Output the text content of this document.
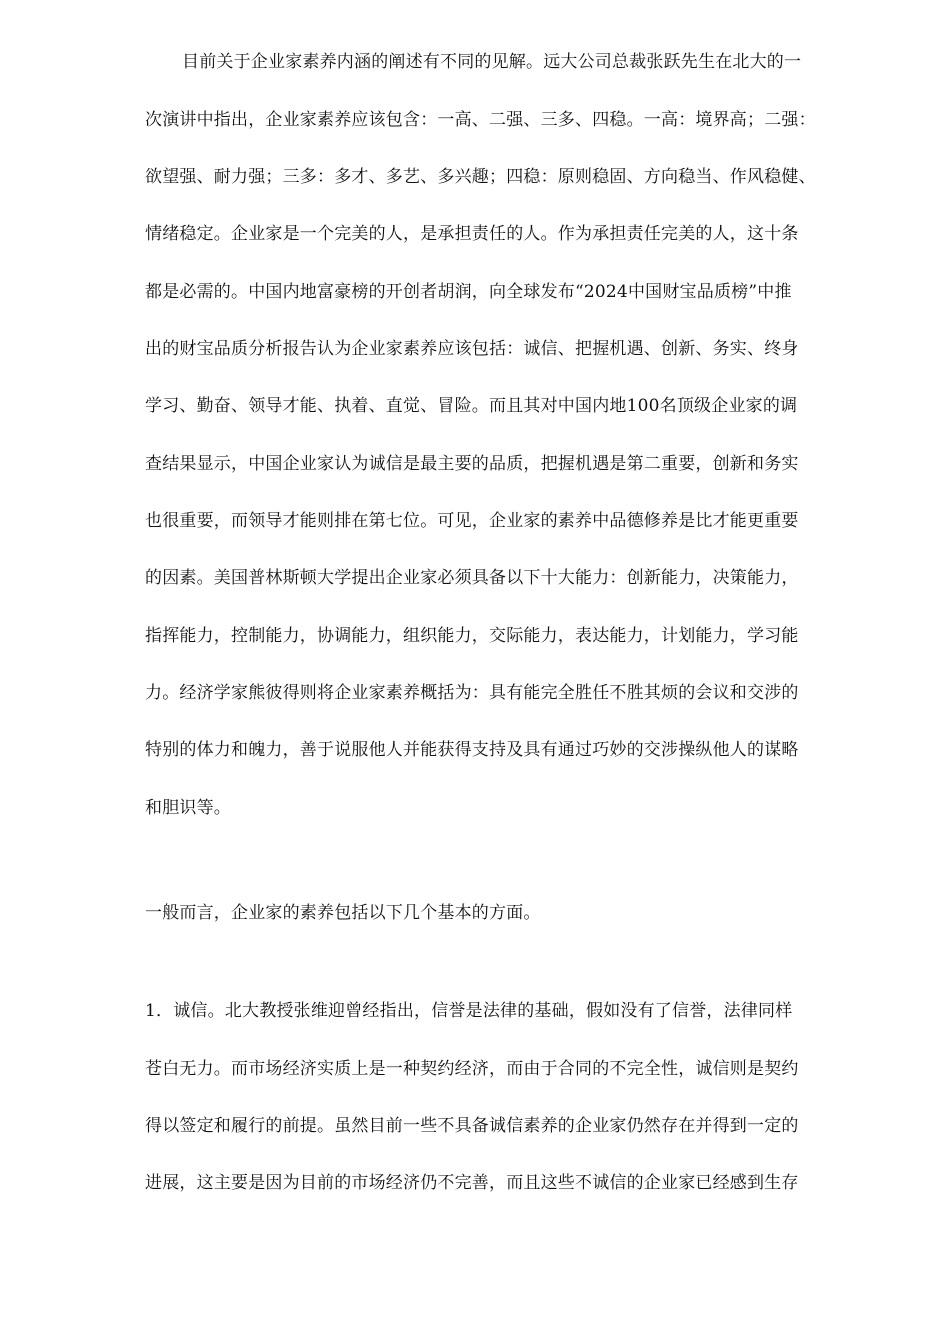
目前关于企业家素养内涵的阐述有不同的见解。远大公司总裁张跃先生在北大的一
次演讲中指出，企业家素养应该包含：一高、二强、三多、四稳。一高：境界高；二强：
欲望强、耐力强；三多：多才、多艺、多兴趣；四稳：原则稳固、方向稳当、作风稳健、
情绪稳定。企业家是一个完美的人，是承担责任的人。作为承担责任完美的人，这十条
都是必需的。中国内地富豪榜的开创者胡润，向全球发布“2024中国财宝品质榜”中推
出的财宝品质分析报告认为企业家素养应该包括：诚信、把握机遇、创新、务实、终身
学习、勤奋、领导才能、执着、直觉、冒险。而且其对中国内地100名顶级企业家的调
查结果显示，中国企业家认为诚信是最主要的品质，把握机遇是第二重要，创新和务实
也很重要，而领导才能则排在第七位。可见，企业家的素养中品德修养是比才能更重要
的因素。美国普林斯顿大学提出企业家必须具备以下十大能力：创新能力，决策能力，
指挥能力，控制能力，协调能力，组织能力，交际能力，表达能力，计划能力，学习能
力。经济学家熊彼得则将企业家素养概括为：具有能完全胜任不胜其烦的会议和交涉的
特别的体力和魄力，善于说服他人并能获得支持及具有通过巧妙的交涉操纵他人的谋略
和胆识等。
一般而言，企业家的素养包括以下几个基本的方面。
1．诚信。北大教授张维迎曾经指出，信誉是法律的基础，假如没有了信誉，法律同样
苍白无力。而市场经济实质上是一种契约经济，而由于合同的不完全性，诚信则是契约
得以签定和履行的前提。虽然目前一些不具备诚信素养的企业家仍然存在并得到一定的
进展，这主要是因为目前的市场经济仍不完善，而且这些不诚信的企业家已经感到生存
